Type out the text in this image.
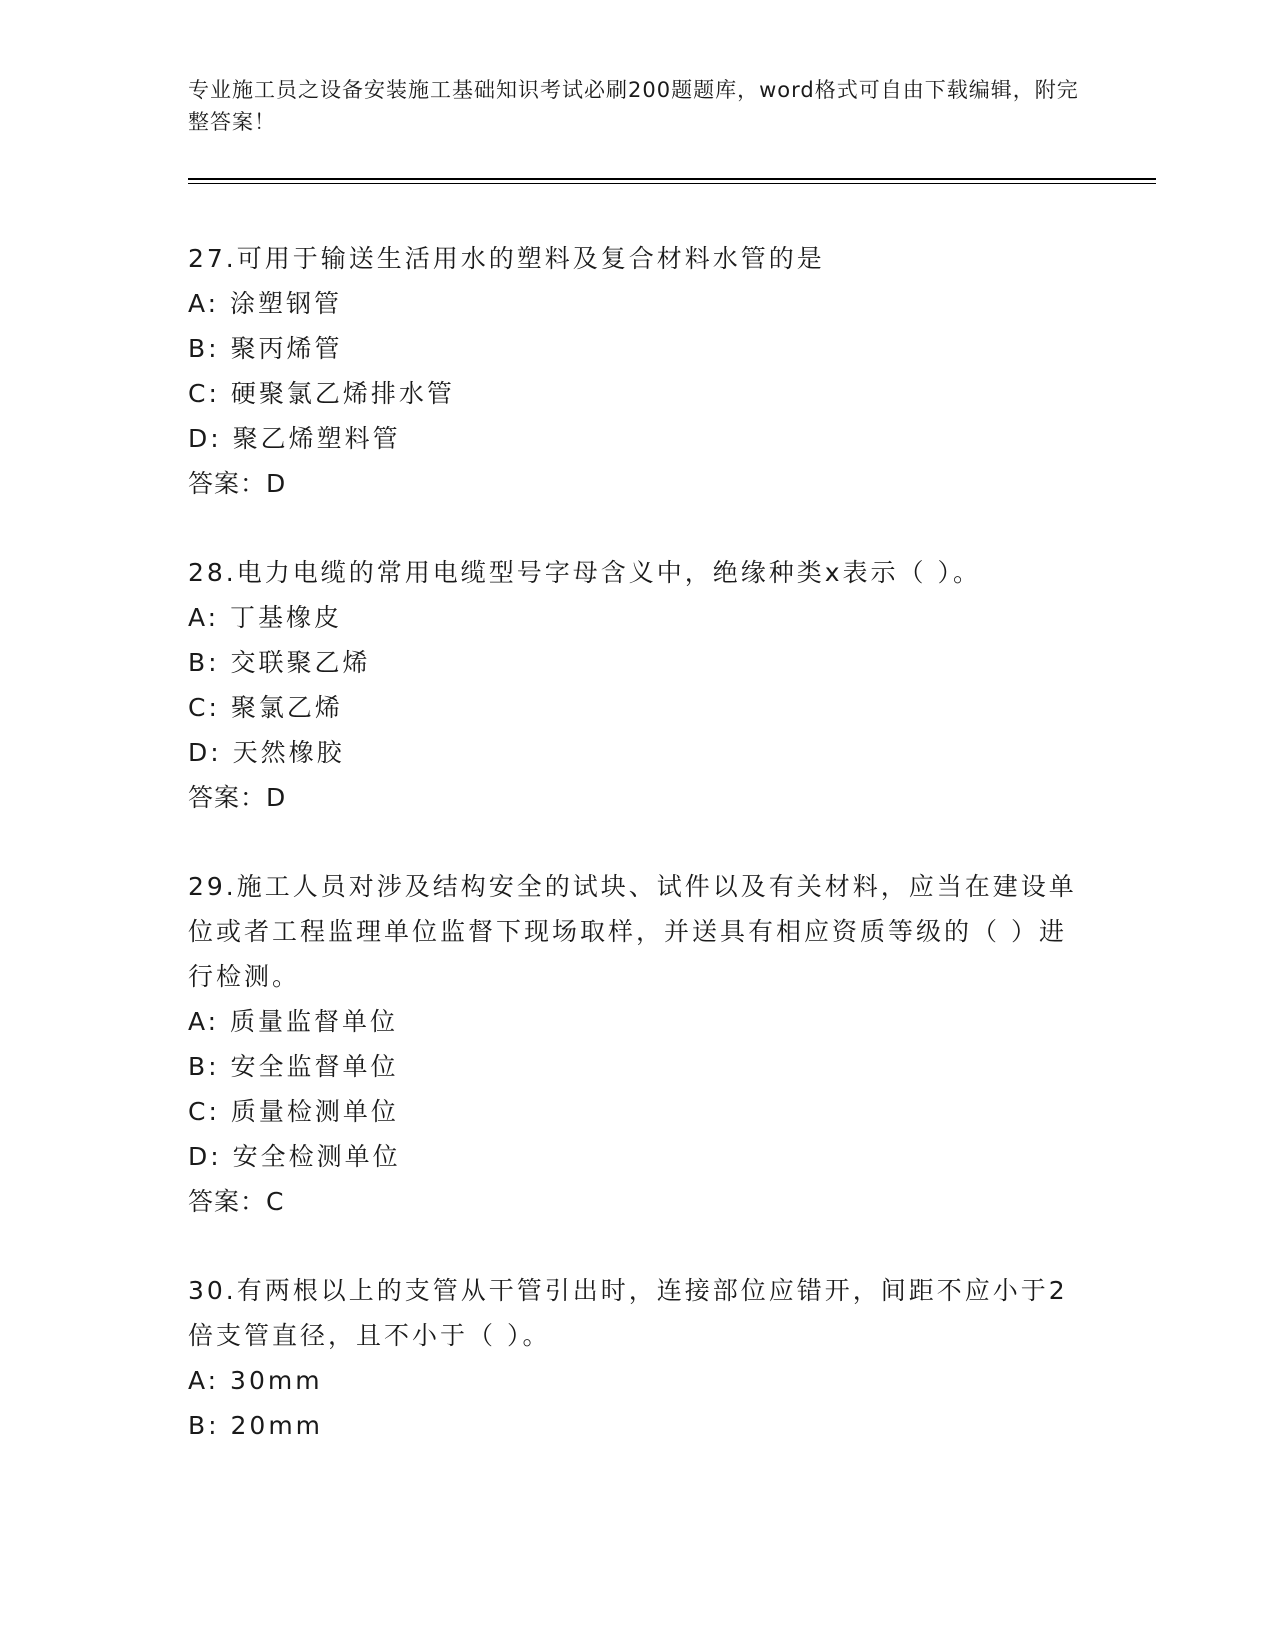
专业施工员之设备安装施工基础知识考试必刷200题题库，word格式可自由下载编辑，附完整答案！

27.可用于输送生活用水的塑料及复合材料水管的是

A: 涂塑钢管

B: 聚丙烯管

C: 硬聚氯乙烯排水管

D: 聚乙烯塑料管

答案：D

28.电力电缆的常用电缆型号字母含义中，绝缘种类x表示（ ）。

A: 丁基橡皮

B: 交联聚乙烯

C: 聚氯乙烯

D: 天然橡胶

答案：D

29.施工人员对涉及结构安全的试块、试件以及有关材料，应当在建设单位或者工程监理单位监督下现场取样，并送具有相应资质等级的（ ）进行检测。

A: 质量监督单位

B: 安全监督单位

C: 质量检测单位

D: 安全检测单位

答案：C

30.有两根以上的支管从干管引出时，连接部位应错开，间距不应小于2倍支管直径，且不小于（ ）。

A: 30mm

B: 20mm
